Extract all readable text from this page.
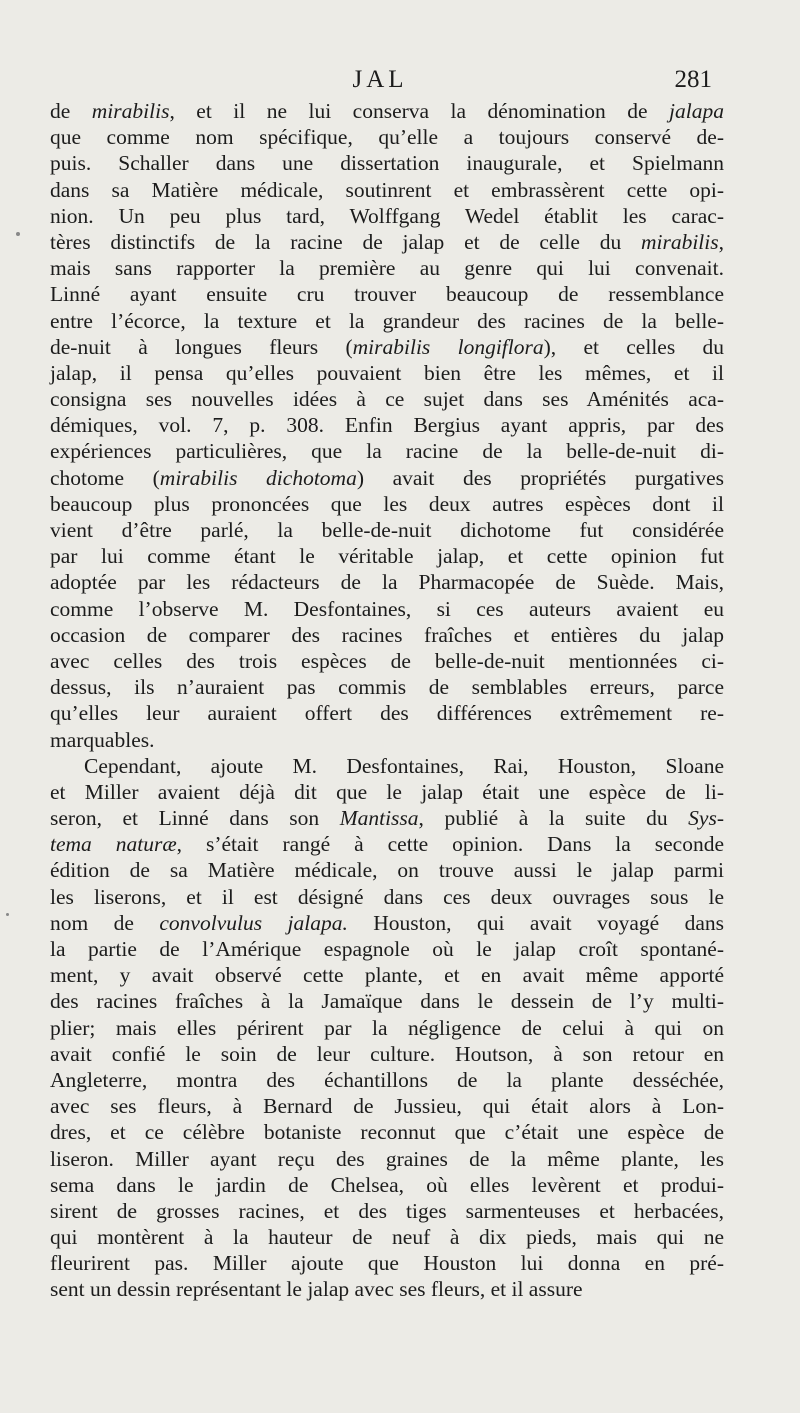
JAL	281
de mirabilis, et il ne lui conserva la dénomination de jalapa
que comme nom spécifique, qu’elle a toujours conservé de-
puis. Schaller dans une dissertation inaugurale, et Spielmann
dans sa Matière médicale, soutinrent et embrassèrent cette opi-
nion. Un peu plus tard, Wolffgang Wedel établit les carac-
tères distinctifs de la racine de jalap et de celle du mirabilis,
mais sans rapporter la première au genre qui lui convenait.
Linné ayant ensuite cru trouver beaucoup de ressemblance
entre l’écorce, la texture et la grandeur des racines de la belle-
de-nuit à longues fleurs (mirabilis longiflora), et celles du
jalap, il pensa qu’elles pouvaient bien être les mêmes, et il
consigna ses nouvelles idées à ce sujet dans ses Aménités aca-
démiques, vol. 7, p. 308. Enfin Bergius ayant appris, par des
expériences particulières, que la racine de la belle-de-nuit di-
chotome (mirabilis dichotoma) avait des propriétés purgatives
beaucoup plus prononcées que les deux autres espèces dont il
vient d’être parlé, la belle-de-nuit dichotome fut considérée
par lui comme étant le véritable jalap, et cette opinion fut
adoptée par les rédacteurs de la Pharmacopée de Suède. Mais,
comme l’observe M. Desfontaines, si ces auteurs avaient eu
occasion de comparer des racines fraîches et entières du jalap
avec celles des trois espèces de belle-de-nuit mentionnées ci-
dessus, ils n’auraient pas commis de semblables erreurs, parce
qu’elles leur auraient offert des différences extrêmement re-
marquables.
Cependant, ajoute M. Desfontaines, Rai, Houston, Sloane
et Miller avaient déjà dit que le jalap était une espèce de li-
seron, et Linné dans son Mantissa, publié à la suite du Sys-
tema naturæ, s’était rangé à cette opinion. Dans la seconde
édition de sa Matière médicale, on trouve aussi le jalap parmi
les liserons, et il est désigné dans ces deux ouvrages sous le
nom de convolvulus jalapa. Houston, qui avait voyagé dans
la partie de l’Amérique espagnole où le jalap croît spontané-
ment, y avait observé cette plante, et en avait même apporté
des racines fraîches à la Jamaïque dans le dessein de l’y multi-
plier; mais elles périrent par la négligence de celui à qui on
avait confié le soin de leur culture. Houtson, à son retour en
Angleterre, montra des échantillons de la plante desséchée,
avec ses fleurs, à Bernard de Jussieu, qui était alors à Lon-
dres, et ce célèbre botaniste reconnut que c’était une espèce de
liseron. Miller ayant reçu des graines de la même plante, les
sema dans le jardin de Chelsea, où elles levèrent et produi-
sirent de grosses racines, et des tiges sarmenteuses et herbacées,
qui montèrent à la hauteur de neuf à dix pieds, mais qui ne
fleurirent pas. Miller ajoute que Houston lui donna en pré-
sent un dessin représentant le jalap avec ses fleurs, et il assure
